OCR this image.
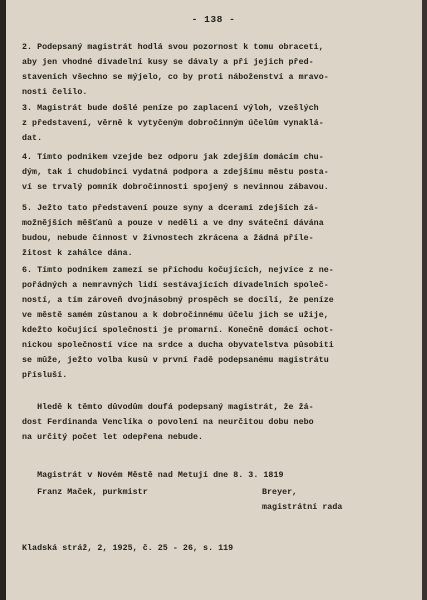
- 138 -
2. Podepsaný magistrát hodlá svou pozornost k tomu obraceti,
aby jen vhodné divadelní kusy se dávaly a při jejich před-
staveních všechno se mýjelo, co by proti náboženství a mravo-
nosti čelilo.
3. Magistrát bude došlé peníze po zaplacení výloh, vzešlých
z představení, věrně k vytyčeným dobročinným účelům vynaklá-
dat.
4. Tímto podnikem vzejde bez odporu jak zdejším domácím chu-
dým, tak i chudobinci vydatná podpora a zdejšímu městu posta-
ví se trvalý pomník dobročinnosti spojený s nevinnou zábavou.
5. Ježto tato představení pouze syny a dcerami zdejších zá-
možnějších měšťanů a pouze v neděli a ve dny sváteční dávána
budou, nebude činnost v živnostech zkrácena a žádná příle-
žitost k zahálce dána.
6. Tímto podnikem zamezí se příchodu kočujících, nejvíce z ne-
pořádných a nemravných lidí sestávajících divadelních společ-
ností, a tím zároveň dvojnásobný prospěch se docílí, že peníze
ve městě samém zůstanou a k dobročinnému účelu jich se užije,
kdežto kočující společnosti je promarní. Konečně domácí ochot-
nickou společností více na srdce a ducha obyvatelstva působiti
se může, ježto volba kusů v první řadě podepsanému magistrátu
přísluší.
Hledě k těmto důvodům doufá podepsaný magistrát, že žá-
dost Ferdinanda Venclíka o povolení na neurčitou dobu nebo
na určitý počet let odepřena nebude.
Magistrát v Novém Městě nad Metují dne 8. 3. 1819
Franz Maček, purkmistr	Breyer,
magistrátní rada
Kladská stráž, 2, 1925, č. 25 - 26, s. 119
